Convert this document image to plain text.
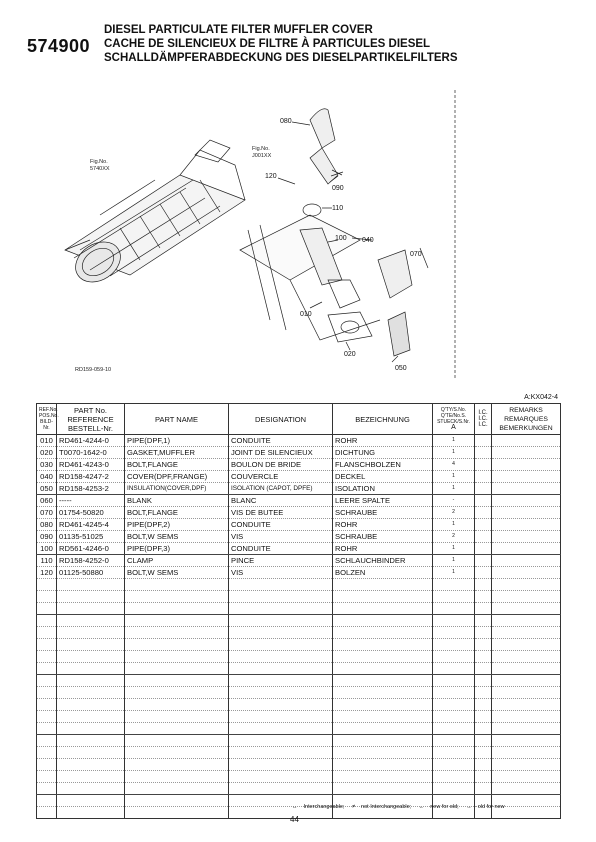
574900
DIESEL PARTICULATE FILTER MUFFLER COVER
CACHE DE SILENCIEUX DE FILTRE À PARTICULES DIESEL
SCHALLDÄMPFERABDECKUNG DES DIESELPARTIKELFILTERS
Fig.No. 5740XX
Fig.No. J001XX
080
120
090
110
100 040
070
010
020
050
RD159-059-10
A:KX042-4
REF.No.
POS.No.
BILD-Nr.	PART No.
REFERENCE
BESTELL-Nr.	PART NAME	DESIGNATION	BEZEICHNUNG	Q'TY/S.No.
Q'TE/No.S.
STUECK/S.Nr.
A	I.C.
I.C.
I.C.	REMARKS
REMARQUES
BEMERKUNGEN
010	RD461-4244-0	PIPE(DPF,1)	CONDUITE	ROHR	1		
020	T0070-1642-0	GASKET,MUFFLER	JOINT DE SILENCIEUX	DICHTUNG	1		
030	RD461-4243-0	BOLT,FLANGE	BOULON DE BRIDE	FLANSCHBOLZEN	4		
040	RD158-4247-2	COVER(DPF,FRANGE)	COUVERCLE	DECKEL	1		
050	RD158-4253-2	INSULATION(COVER,DPF)	ISOLATION (CAPOT, DPFE)	ISOLATION	1		
060	-----	BLANK	BLANC	LEERE SPALTE	-		
070	01754-50820	BOLT,FLANGE	VIS DE BUTEE	SCHRAUBE	2		
080	RD461-4245-4	PIPE(DPF,2)	CONDUITE	ROHR	1		
090	01135-51025	BOLT,W SEMS	VIS	SCHRAUBE	2		
100	RD561-4246-0	PIPE(DPF,3)	CONDUITE	ROHR	1		
110	RD158-4252-0	CLAMP	PINCE	SCHLAUCHBINDER	1		
120	01125-50880	BOLT,W SEMS	VIS	BOLZEN	1		

↔ Interchangeable; ≠ not Interchangeable; ← new for old; → old for new
44
